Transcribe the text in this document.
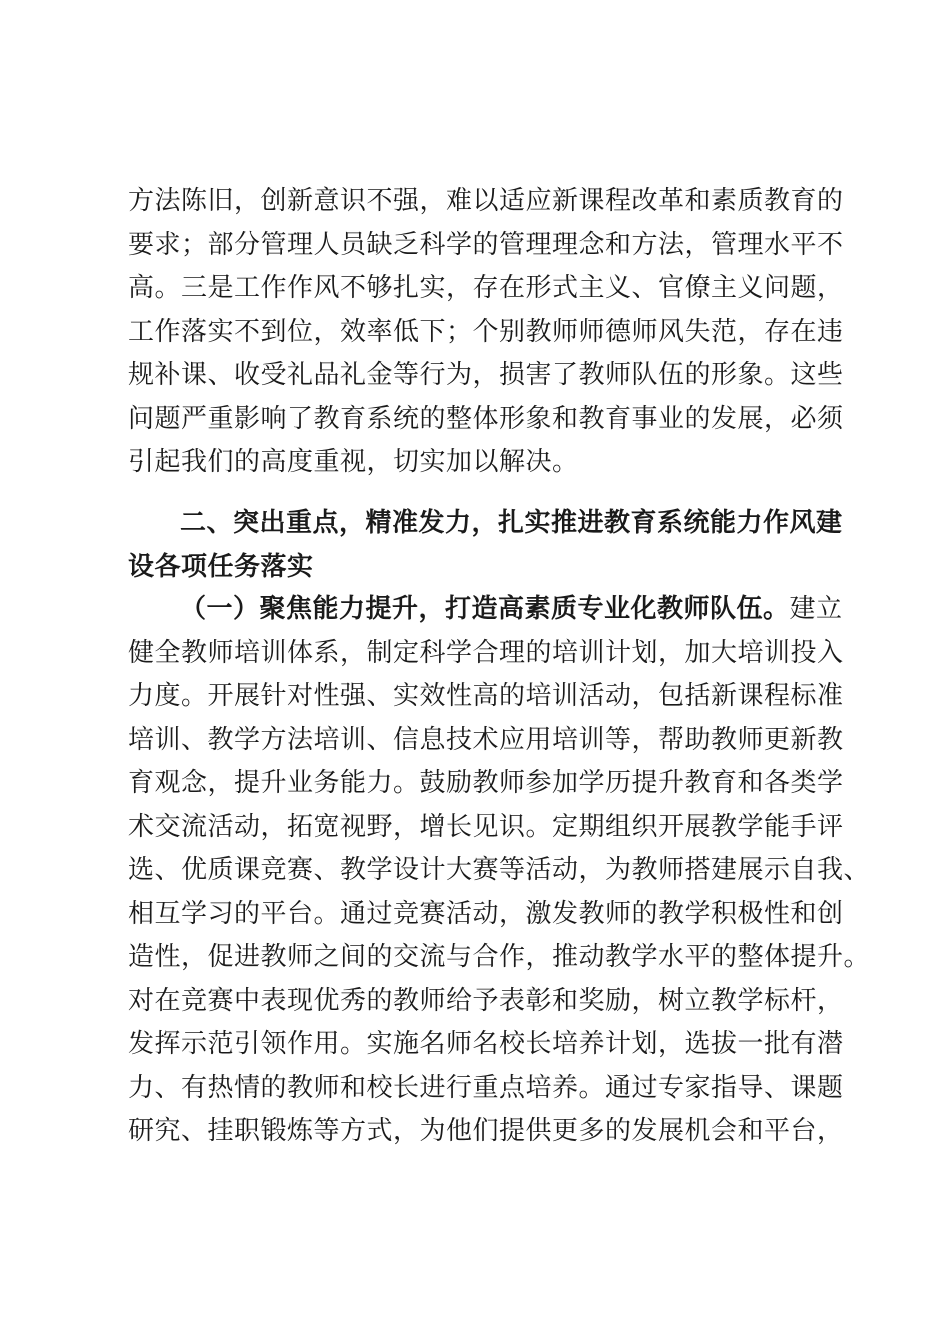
方法陈旧，创新意识不强，难以适应新课程改革和素质教育的
要求；部分管理人员缺乏科学的管理理念和方法，管理水平不
高。三是工作作风不够扎实，存在形式主义、官僚主义问题，
工作落实不到位，效率低下；个别教师师德师风失范，存在违
规补课、收受礼品礼金等行为，损害了教师队伍的形象。这些
问题严重影响了教育系统的整体形象和教育事业的发展，必须
引起我们的高度重视，切实加以解决。
二、突出重点，精准发力，扎实推进教育系统能力作风建
设各项任务落实
（一）聚焦能力提升，打造高素质专业化教师队伍。建立
健全教师培训体系，制定科学合理的培训计划，加大培训投入
力度。开展针对性强、实效性高的培训活动，包括新课程标准
培训、教学方法培训、信息技术应用培训等，帮助教师更新教
育观念，提升业务能力。鼓励教师参加学历提升教育和各类学
术交流活动，拓宽视野，增长见识。定期组织开展教学能手评
选、优质课竞赛、教学设计大赛等活动，为教师搭建展示自我、
相互学习的平台。通过竞赛活动，激发教师的教学积极性和创
造性，促进教师之间的交流与合作，推动教学水平的整体提升。
对在竞赛中表现优秀的教师给予表彰和奖励，树立教学标杆，
发挥示范引领作用。实施名师名校长培养计划，选拔一批有潜
力、有热情的教师和校长进行重点培养。通过专家指导、课题
研究、挂职锻炼等方式，为他们提供更多的发展机会和平台，
